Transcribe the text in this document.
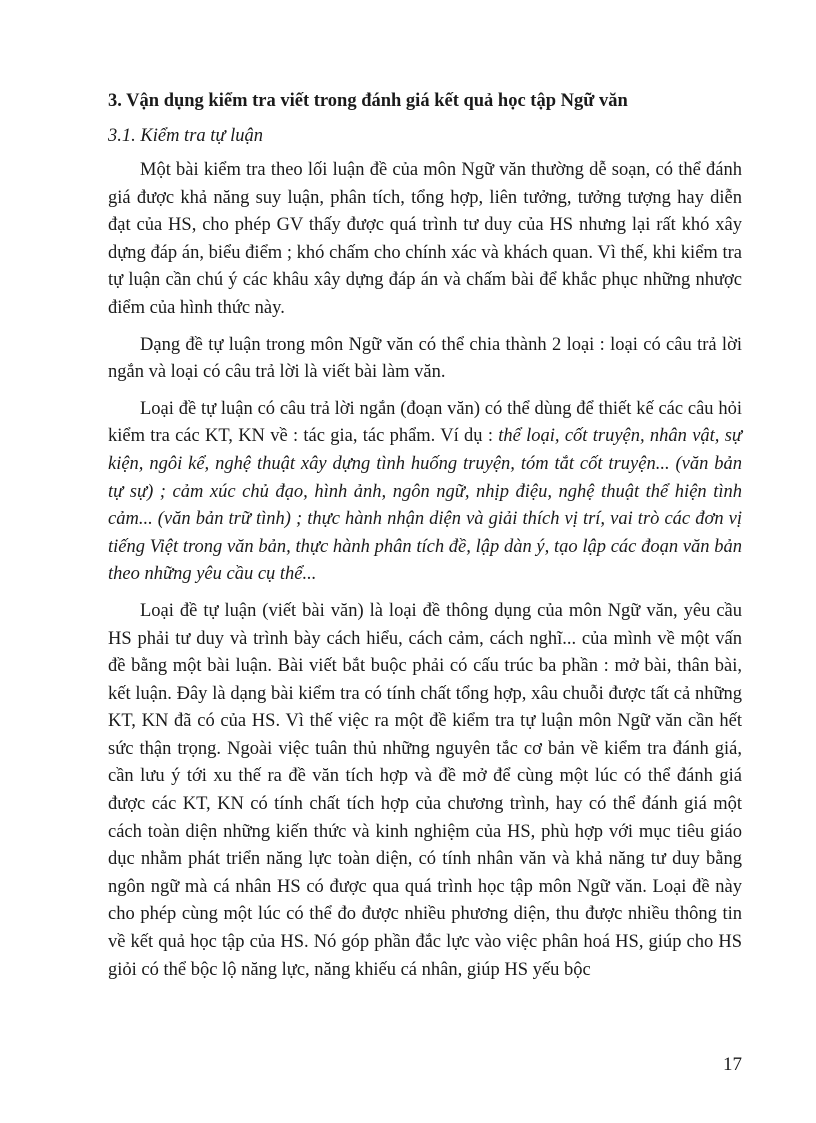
3. Vận dụng kiểm tra viết trong đánh giá kết quả học tập Ngữ văn
3.1. Kiểm tra tự luận

Một bài kiểm tra theo lối luận đề của môn Ngữ văn thường dễ soạn, có thể đánh giá được khả năng suy luận, phân tích, tổng hợp, liên tưởng, tưởng tượng hay diễn đạt của HS, cho phép GV thấy được quá trình tư duy của HS nhưng lại rất khó xây dựng đáp án, biểu điểm ; khó chấm cho chính xác và khách quan. Vì thế, khi kiểm tra tự luận cần chú ý các khâu xây dựng đáp án và chấm bài để khắc phục những nhược điểm của hình thức này.

Dạng đề tự luận trong môn Ngữ văn có thể chia thành 2 loại : loại có câu trả lời ngắn và loại có câu trả lời là viết bài làm văn.

Loại đề tự luận có câu trả lời ngắn (đoạn văn) có thể dùng để thiết kế các câu hỏi kiểm tra các KT, KN về : tác gia, tác phẩm. Ví dụ : thể loại, cốt truyện, nhân vật, sự kiện, ngôi kể, nghệ thuật xây dựng tình huống truyện, tóm tắt cốt truyện... (văn bản tự sự) ; cảm xúc chủ đạo, hình ảnh, ngôn ngữ, nhịp điệu, nghệ thuật thể hiện tình cảm... (văn bản trữ tình) ; thực hành nhận diện và giải thích vị trí, vai trò các đơn vị tiếng Việt trong văn bản, thực hành phân tích đề, lập dàn ý, tạo lập các đoạn văn bản theo những yêu cầu cụ thể...

Loại đề tự luận (viết bài văn) là loại đề thông dụng của môn Ngữ văn, yêu cầu HS phải tư duy và trình bày cách hiểu, cách cảm, cách nghĩ... của mình về một vấn đề bằng một bài luận. Bài viết bắt buộc phải có cấu trúc ba phần : mở bài, thân bài, kết luận. Đây là dạng bài kiểm tra có tính chất tổng hợp, xâu chuỗi được tất cả những KT, KN đã có của HS. Vì thế việc ra một đề kiểm tra tự luận môn Ngữ văn cần hết sức thận trọng. Ngoài việc tuân thủ những nguyên tắc cơ bản về kiểm tra đánh giá, cần lưu ý tới xu thế ra đề văn tích hợp và đề mở để cùng một lúc có thể đánh giá được các KT, KN có tính chất tích hợp của chương trình, hay có thể đánh giá một cách toàn diện những kiến thức và kinh nghiệm của HS, phù hợp với mục tiêu giáo dục nhằm phát triển năng lực toàn diện, có tính nhân văn và khả năng tư duy bằng ngôn ngữ mà cá nhân HS có được qua quá trình học tập môn Ngữ văn. Loại đề này cho phép cùng một lúc có thể đo được nhiều phương diện, thu được nhiều thông tin về kết quả học tập của HS. Nó góp phần đắc lực vào việc phân hoá HS, giúp cho HS giỏi có thể bộc lộ năng lực, năng khiếu cá nhân, giúp HS yếu bộc

17
